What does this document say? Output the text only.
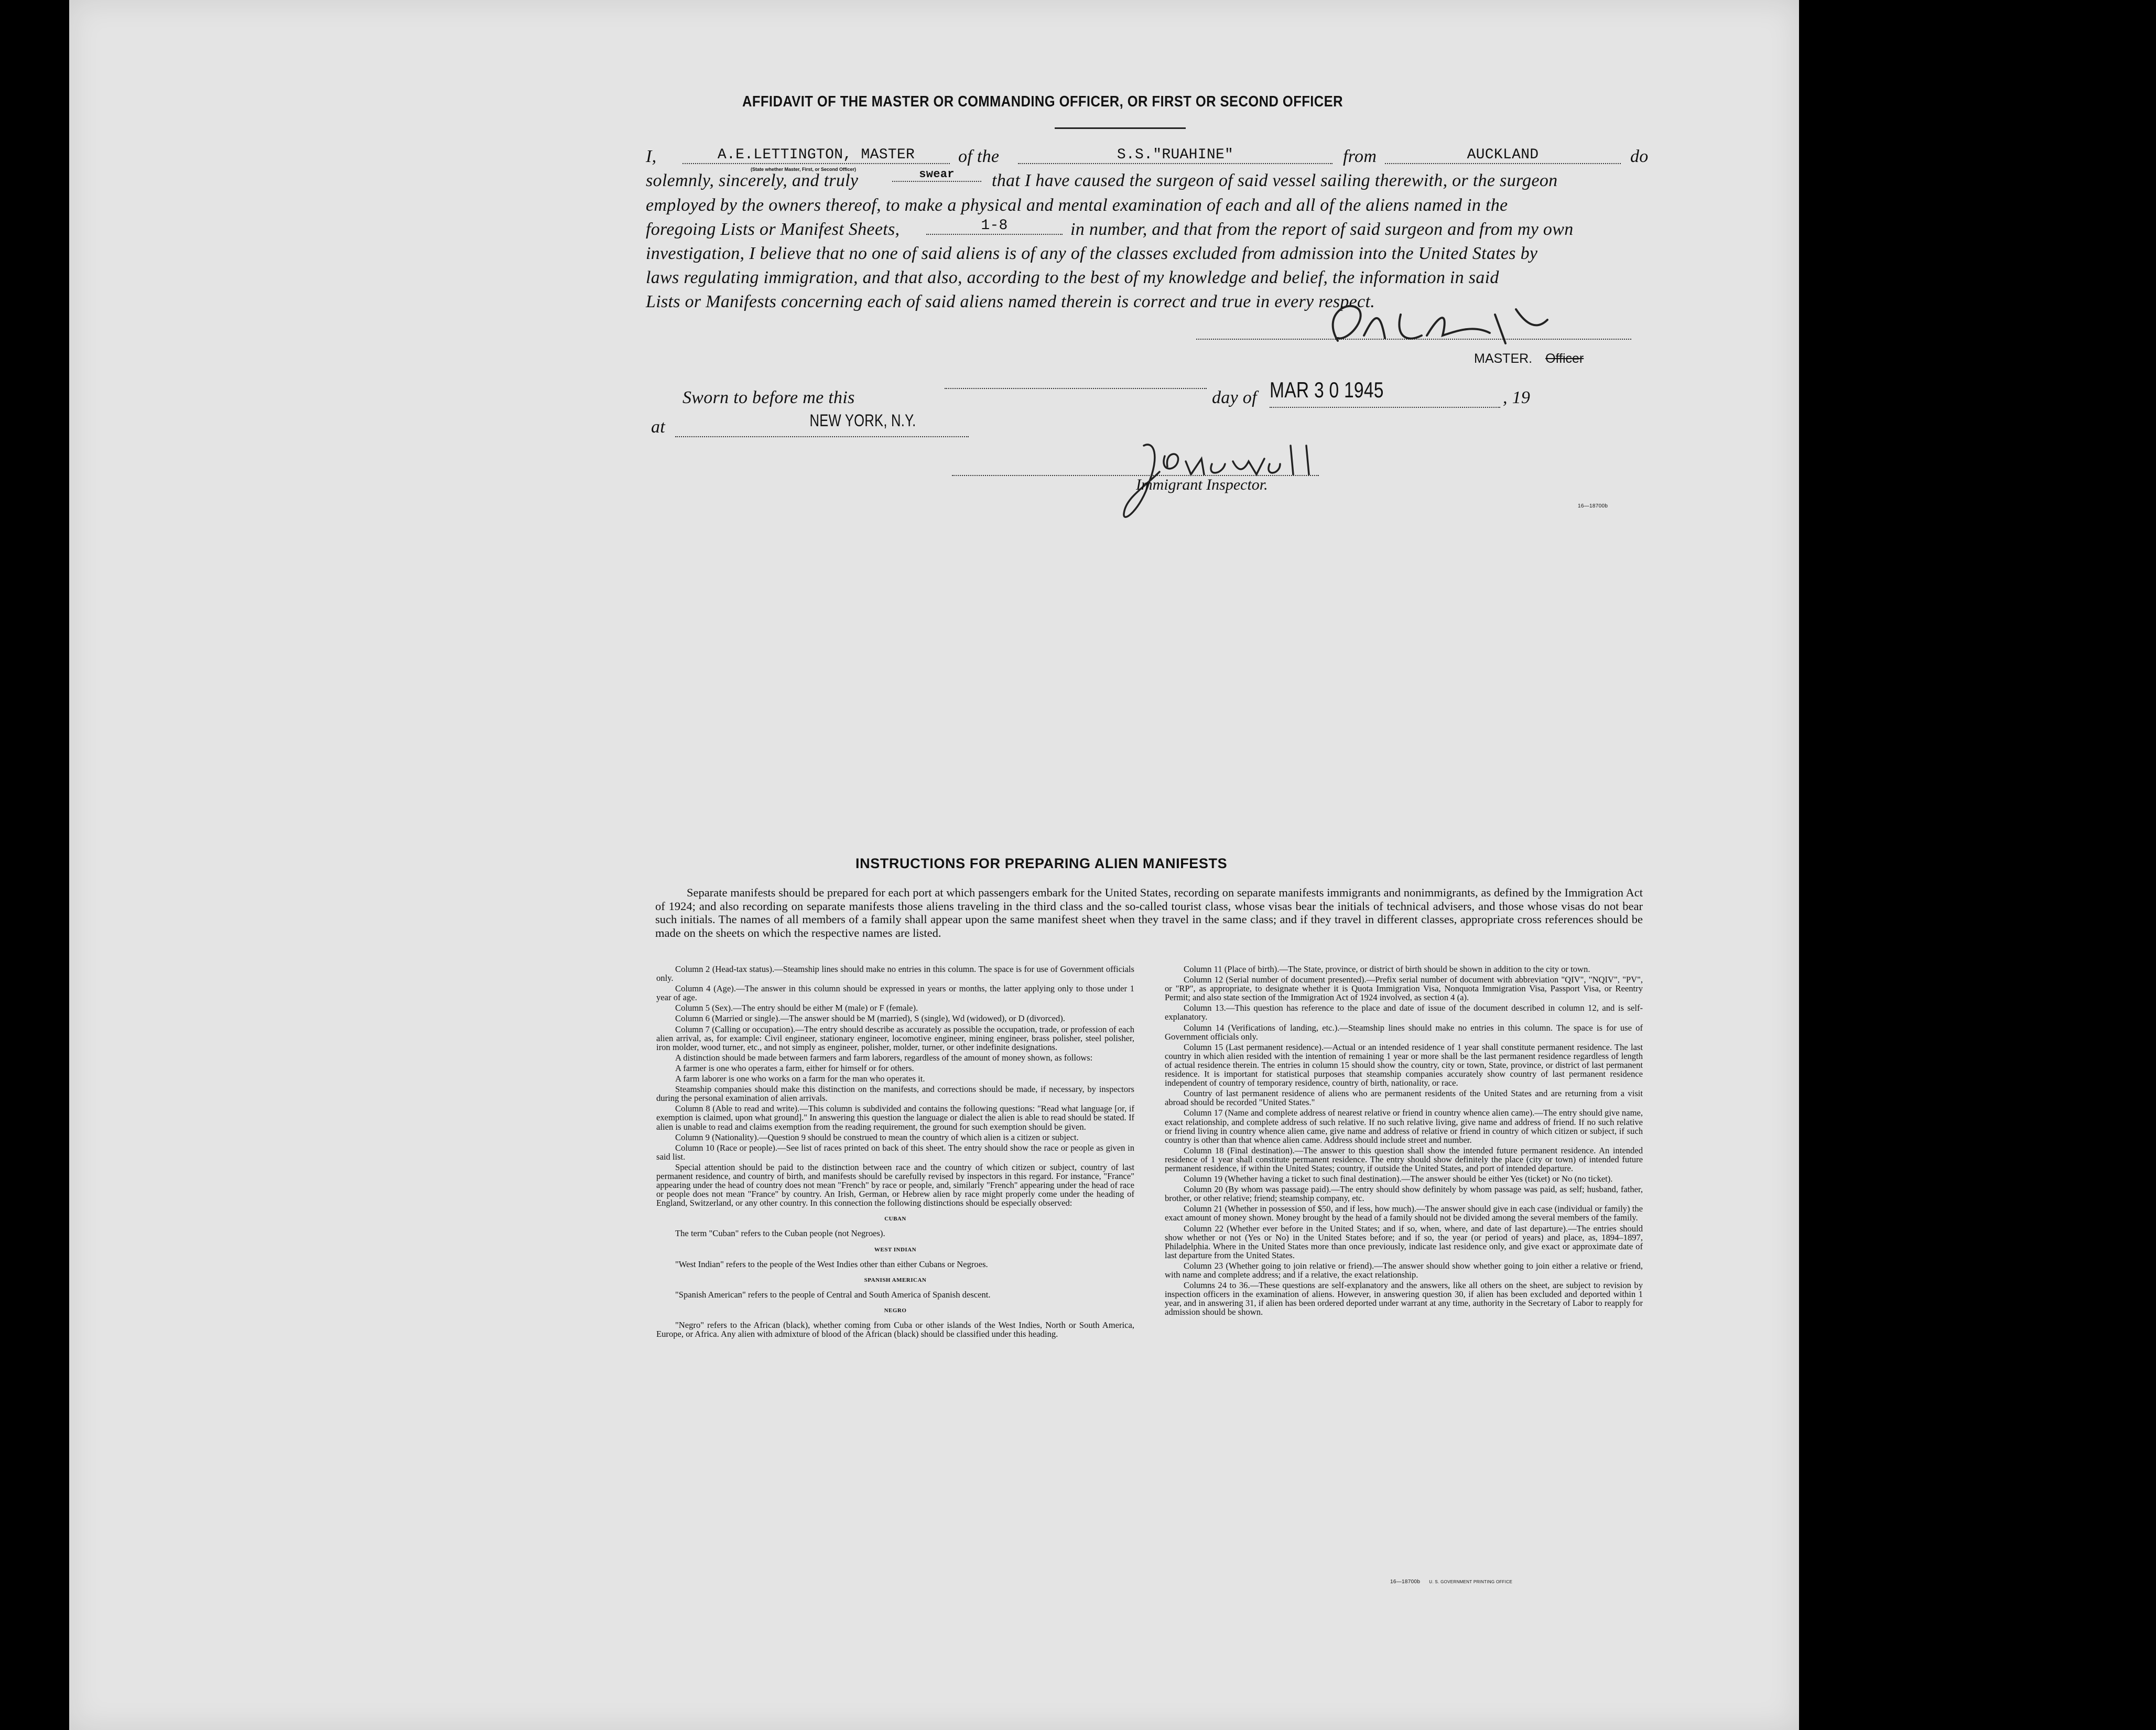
AFFIDAVIT OF THE MASTER OR COMMANDING OFFICER, OR FIRST OR SECOND OFFICER
I,	A.E.LETTINGTON, MASTER	of the	S.S."RUAHINE"	from	AUCKLAND	do
(State whether Master, First, or Second Officer)
solemnly, sincerely, and truly	swear	that I have caused the surgeon of said vessel sailing therewith, or the surgeon
employed by the owners thereof, to make a physical and mental examination of each and all of the aliens named in the
foregoing Lists or Manifest Sheets,	1-8	in number, and that from the report of said surgeon and from my own
investigation, I believe that no one of said aliens is of any of the classes excluded from admission into the United States by
laws regulating immigration, and that also, according to the best of my knowledge and belief, the information in said
Lists or Manifests concerning each of said aliens named therein is correct and true in every respect.
MASTER. Officer
Sworn to before me this	day of MAR 3 0 1945	, 19
at	NEW YORK, N.Y.
Immigrant Inspector.
16—18700b
INSTRUCTIONS FOR PREPARING ALIEN MANIFESTS
Separate manifests should be prepared for each port at which passengers embark for the United States, recording on separate manifests immigrants and nonimmigrants, as defined by the Immigration Act of 1924; and also recording on separate manifests those aliens traveling in the third class and the so-called tourist class, whose visas bear the initials of technical advisers, and those whose visas do not bear such initials. The names of all members of a family shall appear upon the same manifest sheet when they travel in the same class; and if they travel in different classes, appropriate cross references should be made on the sheets on which the respective names are listed.

Column 2 (Head-tax status).—Steamship lines should make no entries in this column. The space is for use of Government officials only.

Column 4 (Age).—The answer in this column should be expressed in years or months, the latter applying only to those under 1 year of age.

Column 5 (Sex).—The entry should be either M (male) or F (female).

Column 6 (Married or single).—The answer should be M (married), S (single), Wd (widowed), or D (divorced).

Column 7 (Calling or occupation).—The entry should describe as accurately as possible the occupation, trade, or profession of each alien arrival, as, for example: Civil engineer, stationary engineer, locomotive engineer, mining engineer, brass polisher, steel polisher, iron molder, wood turner, etc., and not simply as engineer, polisher, molder, turner, or other indefinite designations.

A distinction should be made between farmers and farm laborers, regardless of the amount of money shown, as follows:

A farmer is one who operates a farm, either for himself or for others.

A farm laborer is one who works on a farm for the man who operates it.

Steamship companies should make this distinction on the manifests, and corrections should be made, if necessary, by inspectors during the personal examination of alien arrivals.

Column 8 (Able to read and write).—This column is subdivided and contains the following questions: "Read what language [or, if exemption is claimed, upon what ground]." In answering this question the language or dialect the alien is able to read should be stated. If alien is unable to read and claims exemption from the reading requirement, the ground for such exemption should be given.

Column 9 (Nationality).—Question 9 should be construed to mean the country of which alien is a citizen or subject.

Column 10 (Race or people).—See list of races printed on back of this sheet. The entry should show the race or people as given in said list.

Special attention should be paid to the distinction between race and the country of which citizen or subject, country of last permanent residence, and country of birth, and manifests should be carefully revised by inspectors in this regard. For instance, "France" appearing under the head of country does not mean "French" by race or people, and, similarly "French" appearing under the head of race or people does not mean "France" by country. An Irish, German, or Hebrew alien by race might properly come under the heading of England, Switzerland, or any other country. In this connection the following distinctions should be especially observed:

CUBAN

The term "Cuban" refers to the Cuban people (not Negroes).

WEST INDIAN

"West Indian" refers to the people of the West Indies other than either Cubans or Negroes.

SPANISH AMERICAN

"Spanish American" refers to the people of Central and South America of Spanish descent.

NEGRO

"Negro" refers to the African (black), whether coming from Cuba or other islands of the West Indies, North or South America, Europe, or Africa. Any alien with admixture of blood of the African (black) should be classified under this heading.

Column 11 (Place of birth).—The State, province, or district of birth should be shown in addition to the city or town.

Column 12 (Serial number of document presented).—Prefix serial number of document with abbreviation "QIV", "NQIV", "PV", or "RP", as appropriate, to designate whether it is Quota Immigration Visa, Nonquota Immigration Visa, Passport Visa, or Reentry Permit; and also state section of the Immigration Act of 1924 involved, as section 4 (a).

Column 13.—This question has reference to the place and date of issue of the document described in column 12, and is self-explanatory.

Column 14 (Verifications of landing, etc.).—Steamship lines should make no entries in this column. The space is for use of Government officials only.

Column 15 (Last permanent residence).—Actual or an intended residence of 1 year shall constitute permanent residence. The last country in which alien resided with the intention of remaining 1 year or more shall be the last permanent residence regardless of length of actual residence therein. The entries in column 15 should show the country, city or town, State, province, or district of last permanent residence. It is important for statistical purposes that steamship companies accurately show country of last permanent residence independent of country of temporary residence, country of birth, nationality, or race.

Country of last permanent residence of aliens who are permanent residents of the United States and are returning from a visit abroad should be recorded "United States."

Column 17 (Name and complete address of nearest relative or friend in country whence alien came).—The entry should give name, exact relationship, and complete address of such relative. If no such relative living, give name and address of friend. If no such relative or friend living in country whence alien came, give name and address of relative or friend in country of which citizen or subject, if such country is other than that whence alien came. Address should include street and number.

Column 18 (Final destination).—The answer to this question shall show the intended future permanent residence. An intended residence of 1 year shall constitute permanent residence. The entry should show definitely the place (city or town) of intended future permanent residence, if within the United States; country, if outside the United States, and port of intended departure.

Column 19 (Whether having a ticket to such final destination).—The answer should be either Yes (ticket) or No (no ticket).

Column 20 (By whom was passage paid).—The entry should show definitely by whom passage was paid, as self; husband, father, brother, or other relative; friend; steamship company, etc.

Column 21 (Whether in possession of $50, and if less, how much).—The answer should give in each case (individual or family) the exact amount of money shown. Money brought by the head of a family should not be divided among the several members of the family.

Column 22 (Whether ever before in the United States; and if so, when, where, and date of last departure).—The entries should show whether or not (Yes or No) in the United States before; and if so, the year (or period of years) and place, as, 1894–1897, Philadelphia. Where in the United States more than once previously, indicate last residence only, and give exact or approximate date of last departure from the United States.

Column 23 (Whether going to join relative or friend).—The answer should show whether going to join either a relative or friend, with name and complete address; and if a relative, the exact relationship.

Columns 24 to 36.—These questions are self-explanatory and the answers, like all others on the sheet, are subject to revision by inspection officers in the examination of aliens. However, in answering question 30, if alien has been excluded and deported within 1 year, and in answering 31, if alien has been ordered deported under warrant at any time, authority in the Secretary of Labor to reapply for admission should be shown.

16—18700b U. S. GOVERNMENT PRINTING OFFICE
